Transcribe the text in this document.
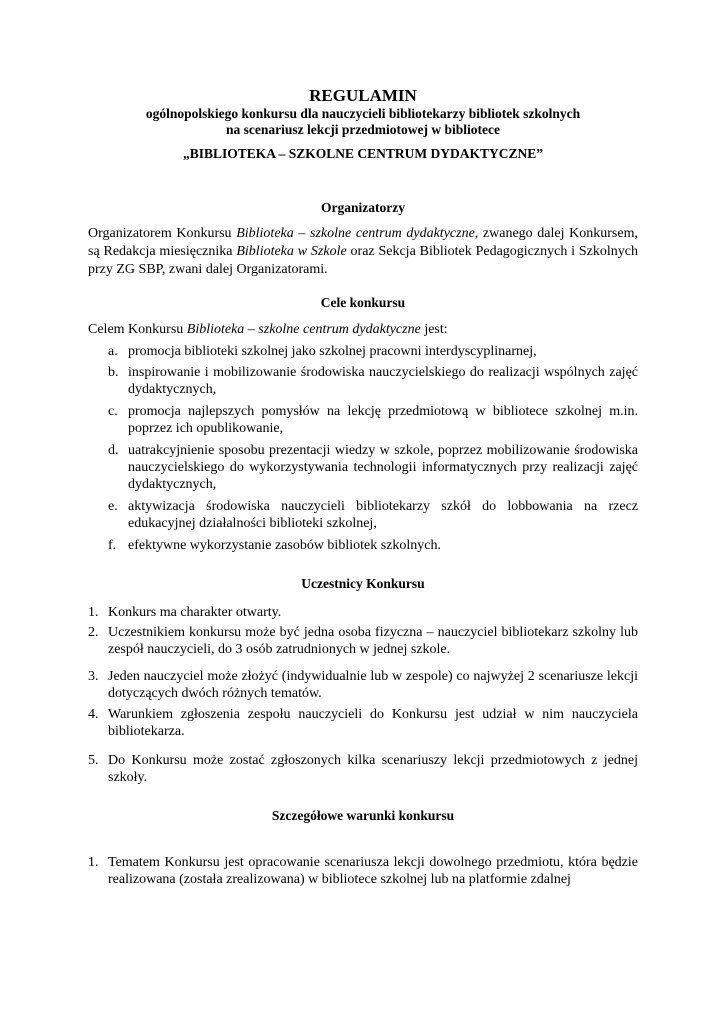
REGULAMIN

ogólnopolskiego konkursu dla nauczycieli bibliotekarzy bibliotek szkolnych

na scenariusz lekcji przedmiotowej w bibliotece

„BIBLIOTEKA – SZKOLNE CENTRUM DYDAKTYCZNE”

Organizatorzy

Organizatorem Konkursu Biblioteka – szkolne centrum dydaktyczne, zwanego dalej Konkursem, są Redakcja miesięcznika Biblioteka w Szkole oraz Sekcja Bibliotek Pedagogicznych i Szkolnych przy ZG SBP, zwani dalej Organizatorami.

Cele konkursu

Celem Konkursu Biblioteka – szkolne centrum dydaktyczne jest:

a. promocja biblioteki szkolnej jako szkolnej pracowni interdyscyplinarnej,
b. inspirowanie i mobilizowanie środowiska nauczycielskiego do realizacji wspólnych zajęć dydaktycznych,
c. promocja najlepszych pomysłów na lekcję przedmiotową w bibliotece szkolnej m.in. poprzez ich opublikowanie,
d. uatrakcyjnienie sposobu prezentacji wiedzy w szkole, poprzez mobilizowanie środowiska nauczycielskiego do wykorzystywania technologii informatycznych przy realizacji zajęć dydaktycznych,
e. aktywizacja środowiska nauczycieli bibliotekarzy szkół do lobbowania na rzecz edukacyjnej działalności biblioteki szkolnej,
f. efektywne wykorzystanie zasobów bibliotek szkolnych.

Uczestnicy Konkursu

1. Konkurs ma charakter otwarty.
2. Uczestnikiem konkursu może być jedna osoba fizyczna – nauczyciel bibliotekarz szkolny lub zespół nauczycieli, do 3 osób zatrudnionych w jednej szkole.
3. Jeden nauczyciel może złożyć (indywidualnie lub w zespole) co najwyżej 2 scenariusze lekcji dotyczących dwóch różnych tematów.
4. Warunkiem zgłoszenia zespołu nauczycieli do Konkursu jest udział w nim nauczyciela bibliotekarza.
5. Do Konkursu może zostać zgłoszonych kilka scenariuszy lekcji przedmiotowych z jednej szkoły.

Szczegółowe warunki konkursu

1. Tematem Konkursu jest opracowanie scenariusza lekcji dowolnego przedmiotu, która będzie realizowana (została zrealizowana) w bibliotece szkolnej lub na platformie zdalnej
